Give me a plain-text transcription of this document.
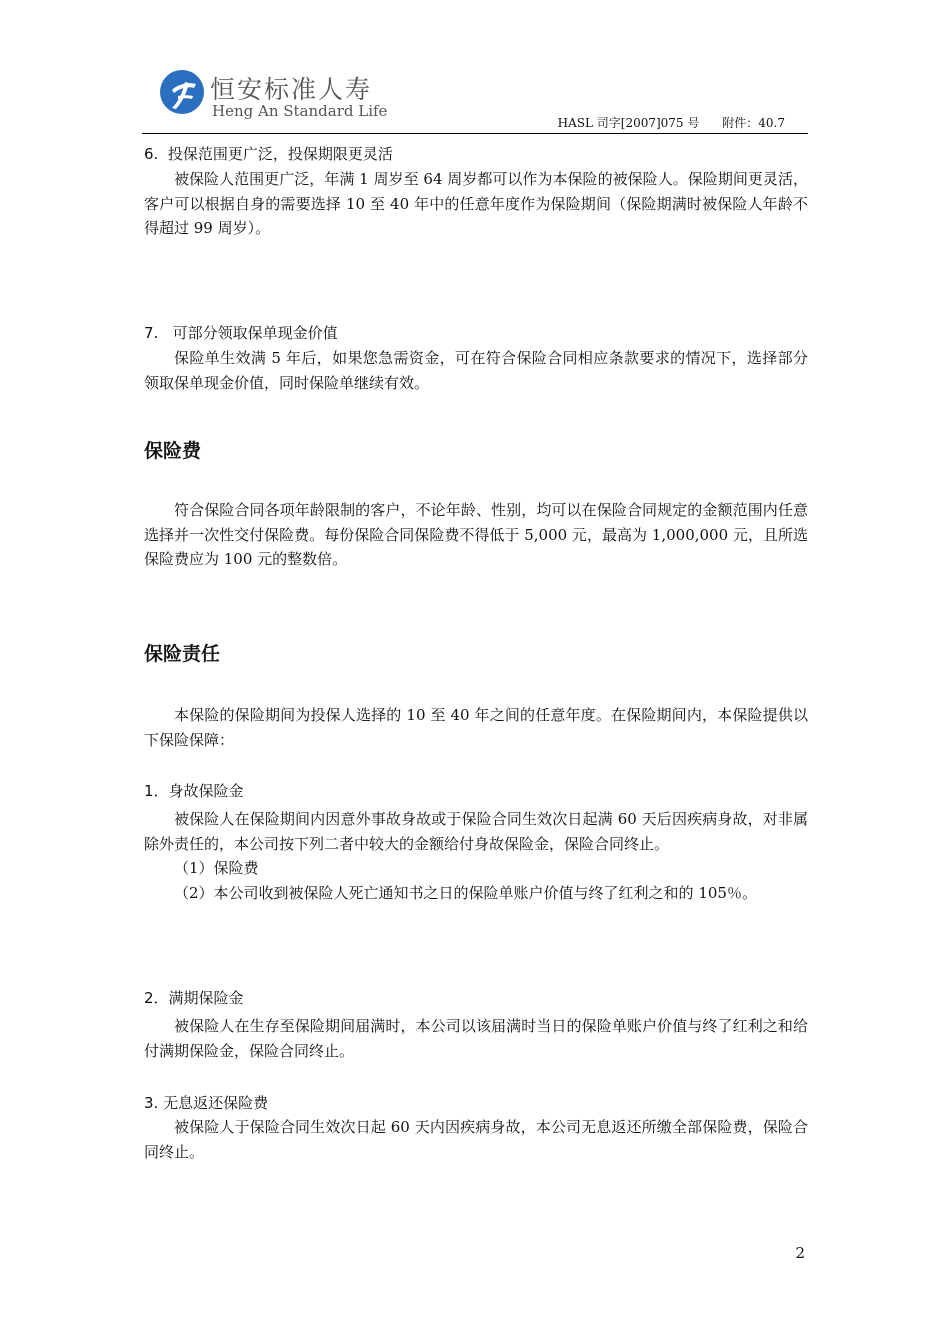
恒安标准人寿
Heng An Standard Life
HASL 司字[2007]075 号      附件：40.7
6.  投保范围更广泛，投保期限更灵活
被保险人范围更广泛，年满 1 周岁至 64 周岁都可以作为本保险的被保险人。保险期间更灵活，客户可以根据自身的需要选择 10 至 40 年中的任意年度作为保险期间（保险期满时被保险人年龄不得超过 99 周岁）。
7.   可部分领取保单现金价值
保险单生效满 5 年后，如果您急需资金，可在符合保险合同相应条款要求的情况下，选择部分领取保单现金价值，同时保险单继续有效。
保险费
符合保险合同各项年龄限制的客户，不论年龄、性别，均可以在保险合同规定的金额范围内任意选择并一次性交付保险费。每份保险合同保险费不得低于 5,000 元，最高为 1,000,000 元，且所选保险费应为 100 元的整数倍。
保险责任
本保险的保险期间为投保人选择的 10 至 40 年之间的任意年度。在保险期间内，本保险提供以下保险保障：
1．身故保险金
被保险人在保险期间内因意外事故身故或于保险合同生效次日起满 60 天后因疾病身故，对非属除外责任的，本公司按下列二者中较大的金额给付身故保险金，保险合同终止。
（1）保险费
（2）本公司收到被保险人死亡通知书之日的保险单账户价值与终了红利之和的 105％。
2．满期保险金
被保险人在生存至保险期间届满时，本公司以该届满时当日的保险单账户价值与终了红利之和给付满期保险金，保险合同终止。
3. 无息返还保险费
被保险人于保险合同生效次日起 60 天内因疾病身故，本公司无息返还所缴全部保险费，保险合同终止。
2
